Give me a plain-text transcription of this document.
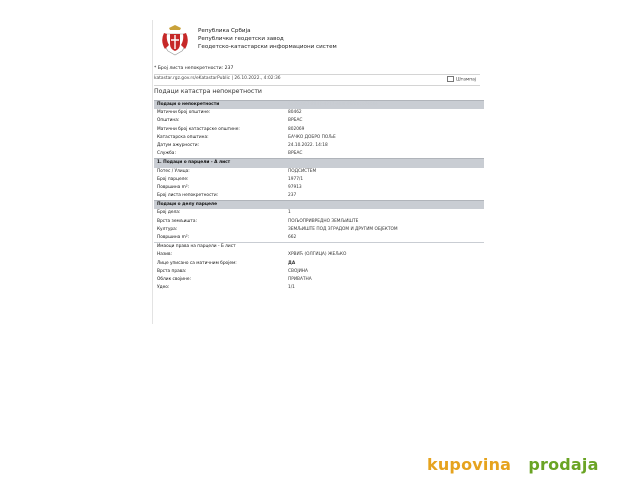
Република Србија
Републички геодетски завод
Геодетско-катастарски информациони систем
* Број листа непокретности: 237
katastar.rgz.gov.rs/eKatastarPublic | 26.10.2022., 4:02:36	Штампај
Подаци катастра непокретности
Подаци о непокретности	6b26c067-8847-4217-ab4f-96f0bcb7ebbe
Матични број општине:	80462
Општина:	ВРБАС
Матични број катастарске општине:	802069
Катастарска општина:	БАЧКО ДОБРО ПОЉЕ
Датум ажурности:	24.10.2022. 14:18
Служба:	ВРБАС
1. Подаци о парцели - А лист
Потес / Улица:	ПОДСИСТЕМ
Број парцеле:	1977/1
Површина m²:	97913
Број листа непокретности:	237
Подаци о делу парцеле
Број дела:	1
Врста земљишта:	ПОЉОПРИВРЕДНО ЗЕМЉИШТЕ
Култура:	ЗЕМЉИШТЕ ПОД ЗГРАДОМ И ДРУГИМ ОБЈЕКТОМ
Површина m²:	662
Имаоци права на парцели - Б лист
Назив:	ХРВИЋ (ОЛГИЦА) ЖЕЉКО
Лице уписано са матичним бројем:	ДА
Врста права:	СВОЈИНА
Облик својине:	ПРИВАТНА
Удео:	1/1
kupovina | prodaja
